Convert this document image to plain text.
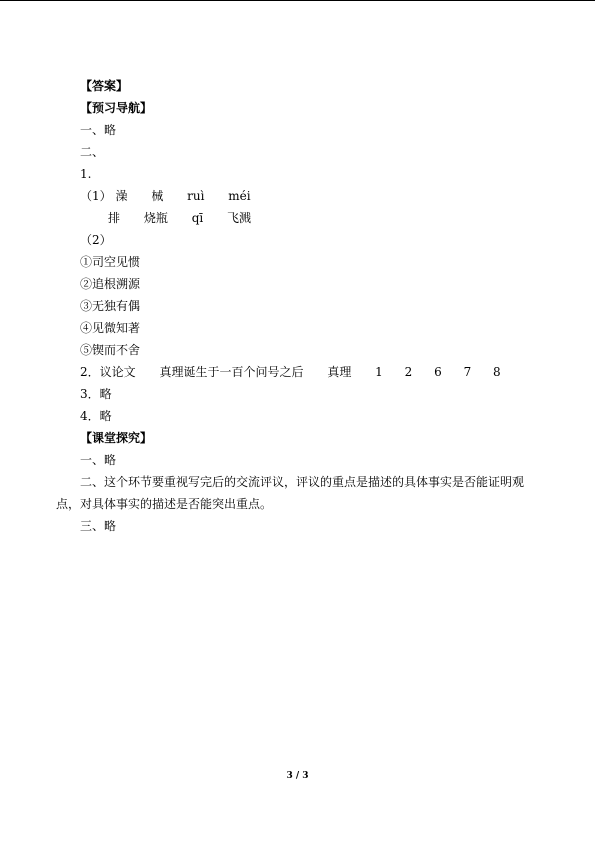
【答案】
【预习导航】
一、略
二、
1.
（1） 澡 械 ruì méi
排 烧瓶 qī 飞溅
（2）
①司空见惯
②追根溯源
③无独有偶
④见微知著
⑤锲而不舍
2．议论文 真理诞生于一百个问号之后 真理 1 2 6 7 8
3．略
4．略
【课堂探究】
一、略
二、这个环节要重视写完后的交流评议，评议的重点是描述的具体事实是否能证明观点，对具体事实的描述是否能突出重点。
三、略
3 / 3
